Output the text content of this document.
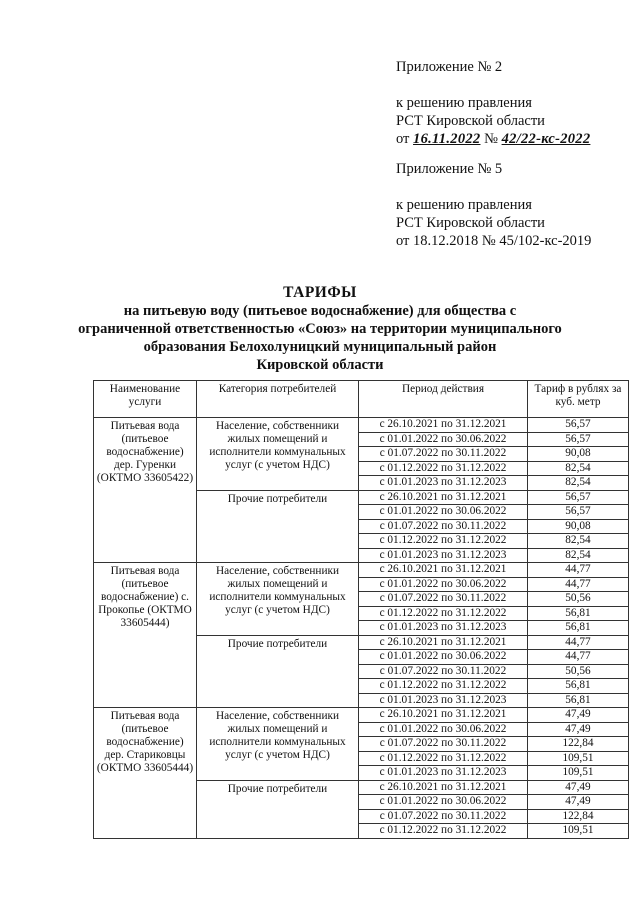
Приложение № 2
к решению правления
РСТ Кировской области
от 16.11.2022 № 42/22-кс-2022
Приложение № 5
к решению правления
РСТ Кировской области
от 18.12.2018 № 45/102-кс-2019
ТАРИФЫ
на питьевую воду (питьевое водоснабжение) для общества с
ограниченной ответственностью «Союз» на территории муниципального
образования Белохолуницкий муниципальный район
Кировской области
Наименование услуги	Категория потребителей	Период действия	Тариф в рублях за куб. метр
Питьевая вода (питьевое водоснабжение) дер. Гуренки (ОКТМО 33605422)	Население, собственники жилых помещений и исполнители коммунальных услуг (с учетом НДС)	с 26.10.2021 по 31.12.2021	56,57
		с 01.01.2022 по 30.06.2022	56,57
		с 01.07.2022 по 30.11.2022	90,08
		с 01.12.2022 по 31.12.2022	82,54
		с 01.01.2023 по 31.12.2023	82,54
	Прочие потребители	с 26.10.2021 по 31.12.2021	56,57
		с 01.01.2022 по 30.06.2022	56,57
		с 01.07.2022 по 30.11.2022	90,08
		с 01.12.2022 по 31.12.2022	82,54
		с 01.01.2023 по 31.12.2023	82,54
Питьевая вода (питьевое водоснабжение) с. Прокопье (ОКТМО 33605444)	Население, собственники жилых помещений и исполнители коммунальных услуг (с учетом НДС)	с 26.10.2021 по 31.12.2021	44,77
		с 01.01.2022 по 30.06.2022	44,77
		с 01.07.2022 по 30.11.2022	50,56
		с 01.12.2022 по 31.12.2022	56,81
		с 01.01.2023 по 31.12.2023	56,81
	Прочие потребители	с 26.10.2021 по 31.12.2021	44,77
		с 01.01.2022 по 30.06.2022	44,77
		с 01.07.2022 по 30.11.2022	50,56
		с 01.12.2022 по 31.12.2022	56,81
		с 01.01.2023 по 31.12.2023	56,81
Питьевая вода (питьевое водоснабжение) дер. Стариковцы (ОКТМО 33605444)	Население, собственники жилых помещений и исполнители коммунальных услуг (с учетом НДС)	с 26.10.2021 по 31.12.2021	47,49
		с 01.01.2022 по 30.06.2022	47,49
		с 01.07.2022 по 30.11.2022	122,84
		с 01.12.2022 по 31.12.2022	109,51
		с 01.01.2023 по 31.12.2023	109,51
	Прочие потребители	с 26.10.2021 по 31.12.2021	47,49
		с 01.01.2022 по 30.06.2022	47,49
		с 01.07.2022 по 30.11.2022	122,84
		с 01.12.2022 по 31.12.2022	109,51
